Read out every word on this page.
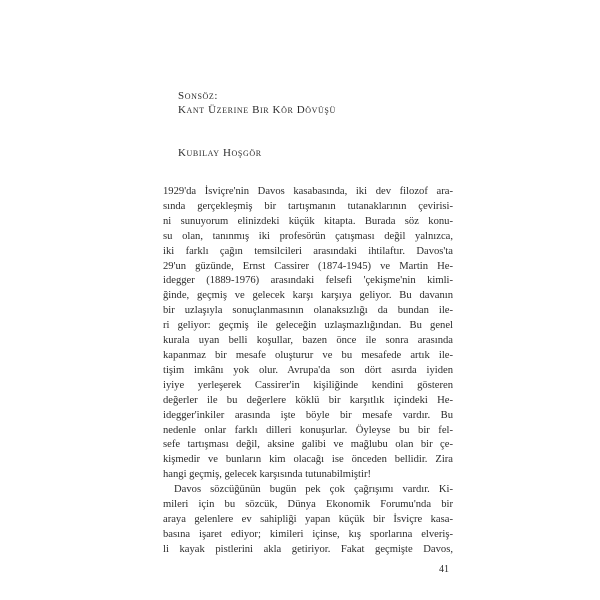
Sonsöz:
Kant Üzerine Bir Kör Dövüşü
Kubilay Hoşgör
1929'da İsviçre'nin Davos kasabasında, iki dev filozof ara-
sında gerçekleşmiş bir tartışmanın tutanaklarının çevirisi-
ni sunuyorum elinizdeki küçük kitapta. Burada söz konu-
su olan, tanınmış iki profesörün çatışması değil yalnızca,
iki farklı çağın temsilcileri arasındaki ihtilaftır. Davos'ta
29'un güzünde, Ernst Cassirer (1874-1945) ve Martin He-
idegger (1889-1976) arasındaki felsefi 'çekişme'nin kimli-
ğinde, geçmiş ve gelecek karşı karşıya geliyor. Bu davanın
bir uzlaşıyla sonuçlanmasının olanaksızlığı da bundan ile-
ri geliyor: geçmiş ile geleceğin uzlaşmazlığından. Bu genel
kurala uyan belli koşullar, bazen önce ile sonra arasında
kapanmaz bir mesafe oluşturur ve bu mesafede artık ile-
tişim imkânı yok olur. Avrupa'da son dört asırda iyiden
iyiye yerleşerek Cassirer'in kişiliğinde kendini gösteren
değerler ile bu değerlere köklü bir karşıtlık içindeki He-
idegger'inkiler arasında işte böyle bir mesafe vardır. Bu
nedenle onlar farklı dilleri konuşurlar. Öyleyse bu bir fel-
sefe tartışması değil, aksine galibi ve mağlubu olan bir çe-
kişmedir ve bunların kim olacağı ise önceden bellidir. Zira
hangi geçmiş, gelecek karşısında tutunabilmiştir!
Davos sözcüğünün bugün pek çok çağrışımı vardır. Ki-
mileri için bu sözcük, Dünya Ekonomik Forumu'nda bir
araya gelenlere ev sahipliği yapan küçük bir İsviçre kasa-
basına işaret ediyor; kimileri içinse, kış sporlarına elveriş-
li kayak pistlerini akla getiriyor. Fakat geçmişte Davos,
41
